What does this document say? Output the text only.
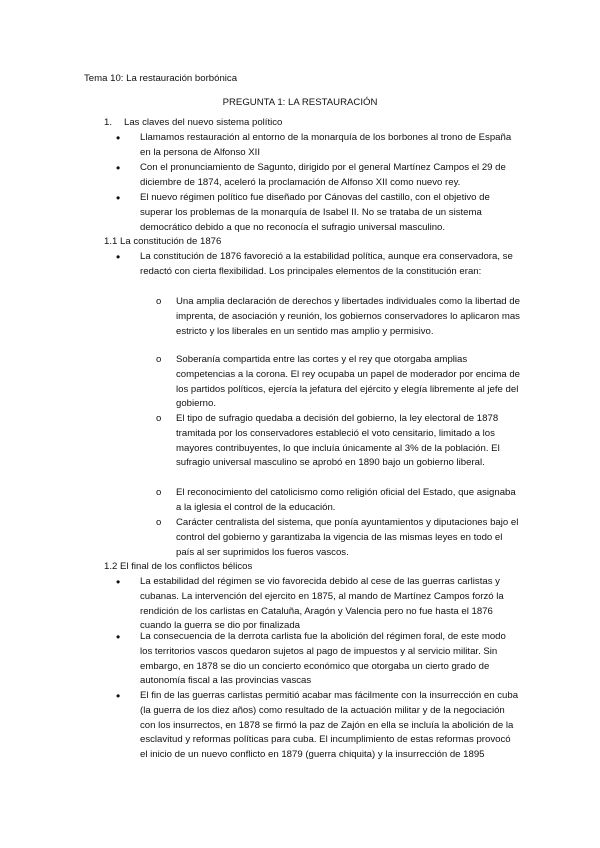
Tema 10: La restauración borbónica

PREGUNTA 1: LA RESTAURACIÓN

1. Las claves del nuevo sistema político

• Llamamos restauración al entorno de la monarquía de los borbones al trono de España en la persona de Alfonso XII

• Con el pronunciamiento de Sagunto, dirigido por el general Martínez Campos el 29 de diciembre de 1874, aceleró la proclamación de Alfonso XII como nuevo rey.

• El nuevo régimen político fue diseñado por Cánovas del castillo, con el objetivo de superar los problemas de la monarquía de Isabel II. No se trataba de un sistema democrático debido a que no reconocía el sufragio universal masculino.

1.1 La constitución de 1876

• La constitución de 1876 favoreció a la estabilidad política, aunque era conservadora, se redactó con cierta flexibilidad. Los principales elementos de la constitución eran:

o	Una amplia declaración de derechos y libertades individuales como la libertad de imprenta, de asociación y reunión, los gobiernos conservadores lo aplicaron mas estricto y los liberales en un sentido mas amplio y permisivo.

o	Soberanía compartida entre las cortes y el rey que otorgaba amplias competencias a la corona. El rey ocupaba un papel de moderador por encima de los partidos políticos, ejercía la jefatura del ejército y elegía libremente al jefe del gobierno.

o	El tipo de sufragio quedaba a decisión del gobierno, la ley electoral de 1878 tramitada por los conservadores estableció el voto censitario, limitado a los mayores contribuyentes, lo que incluía únicamente al 3% de la población. El sufragio universal masculino se aprobó en 1890 bajo un gobierno liberal.

o	El reconocimiento del catolicismo como religión oficial del Estado, que asignaba a la iglesia el control de la educación.

o	Carácter centralista del sistema, que ponía ayuntamientos y diputaciones bajo el control del gobierno y garantizaba la vigencia de las mismas leyes en todo el país al ser suprimidos los fueros vascos.

1.2 El final de los conflictos bélicos

• La estabilidad del régimen se vio favorecida debido al cese de las guerras carlistas y cubanas. La intervención del ejercito en 1875, al mando de Martínez Campos forzó la rendición de los carlistas en Cataluña, Aragón y Valencia pero no fue hasta el 1876 cuando la guerra se dio por finalizada

• La consecuencia de la derrota carlista fue la abolición del régimen foral, de este modo los territorios vascos quedaron sujetos al pago de impuestos y al servicio militar. Sin embargo, en 1878 se dio un concierto económico que otorgaba un cierto grado de autonomía fiscal a las provincias vascas

• El fin de las guerras carlistas permitió acabar mas fácilmente con la insurrección en cuba (la guerra de los diez años) como resultado de la actuación militar y de la negociación con los insurrectos, en 1878 se firmó la paz de Zajón en ella se incluía la abolición de la esclavitud y reformas políticas para cuba. El incumplimiento de estas reformas provocó el inicio de un nuevo conflicto en 1879 (guerra chiquita) y la insurrección de 1895
